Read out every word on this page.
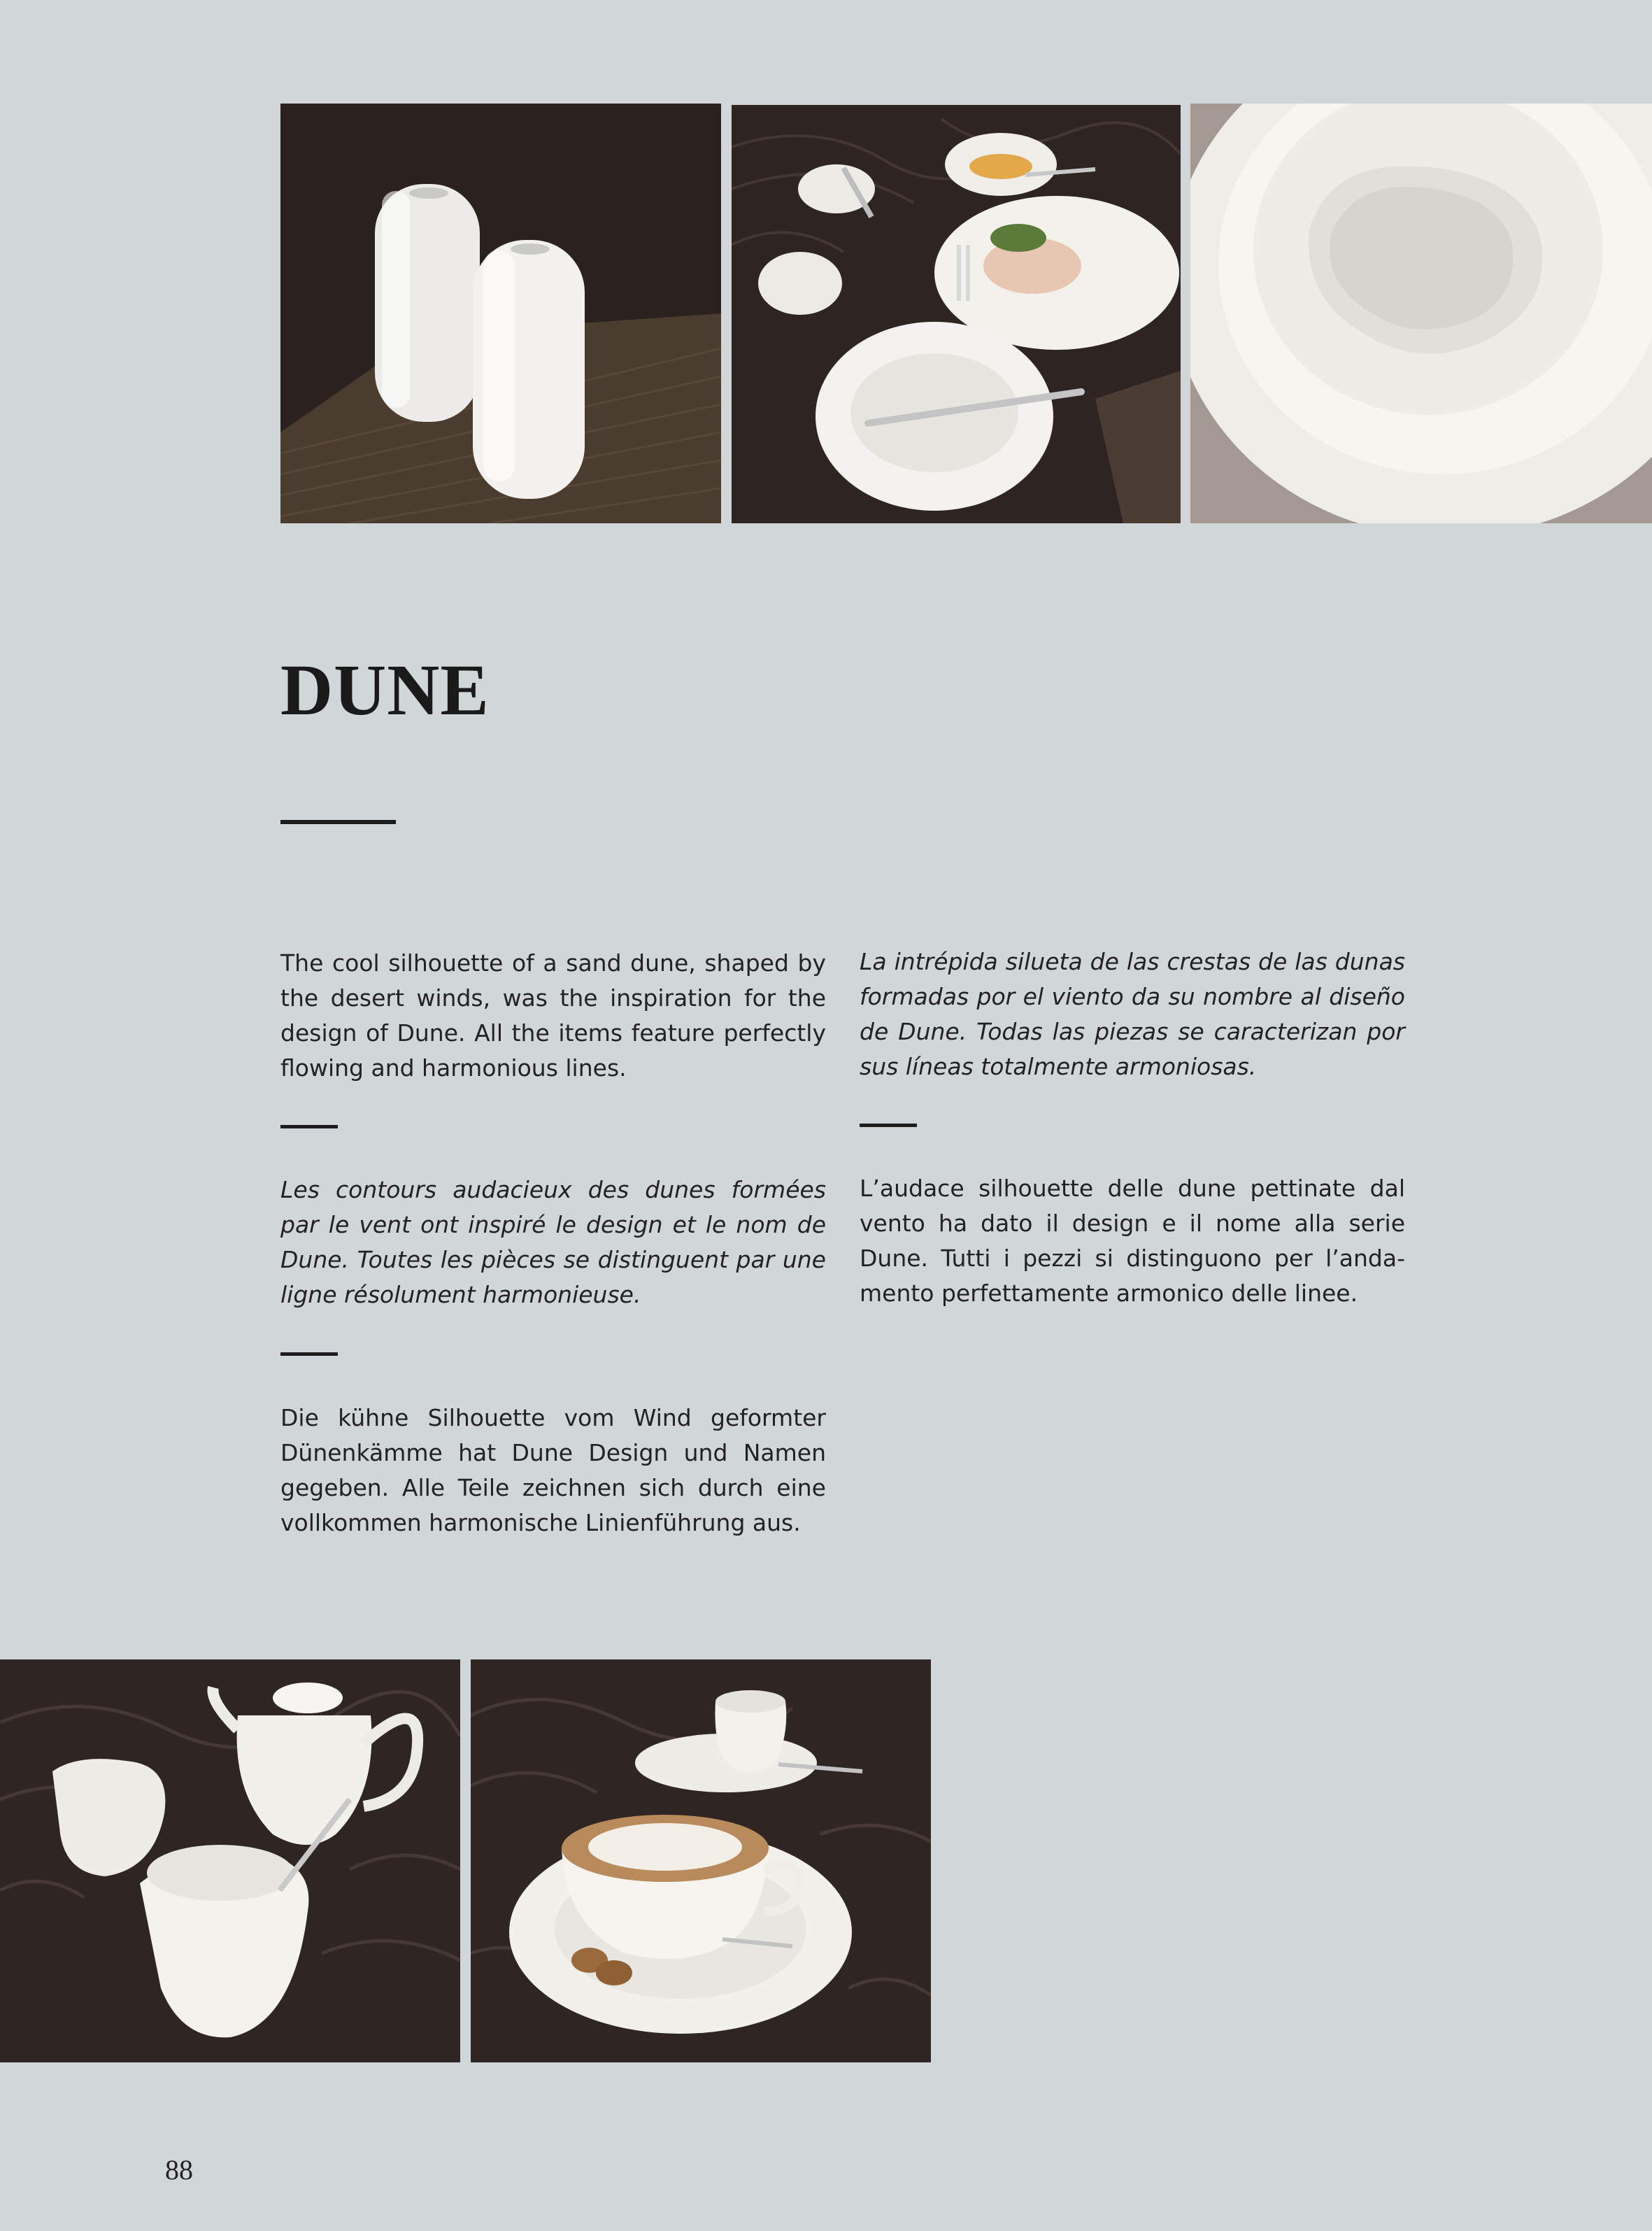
DUNE

The cool silhouette of a sand dune, shaped by the desert winds, was the inspiration for the design of Dune. All the items feature perfectly flowing and harmonious lines.

La intrépida silueta de las crestas de las dunas formadas por el viento da su nombre al diseño de Dune. Todas las piezas se caracterizan por sus líneas totalmente armoniosas.

Les contours audacieux des dunes formées par le vent ont inspiré le design et le nom de Dune. Toutes les pièces se distinguent par une ligne résolument harmonieuse.

L’audace silhouette delle dune pettinate dal vento ha dato il design e il nome alla serie Dune. Tutti i pezzi si distinguono per l’andamento perfettamente armonico delle linee.

Die kühne Silhouette vom Wind geformter Dünenkämme hat Dune Design und Namen gegeben. Alle Teile zeichnen sich durch eine vollkommen harmonische Linienführung aus.

88
